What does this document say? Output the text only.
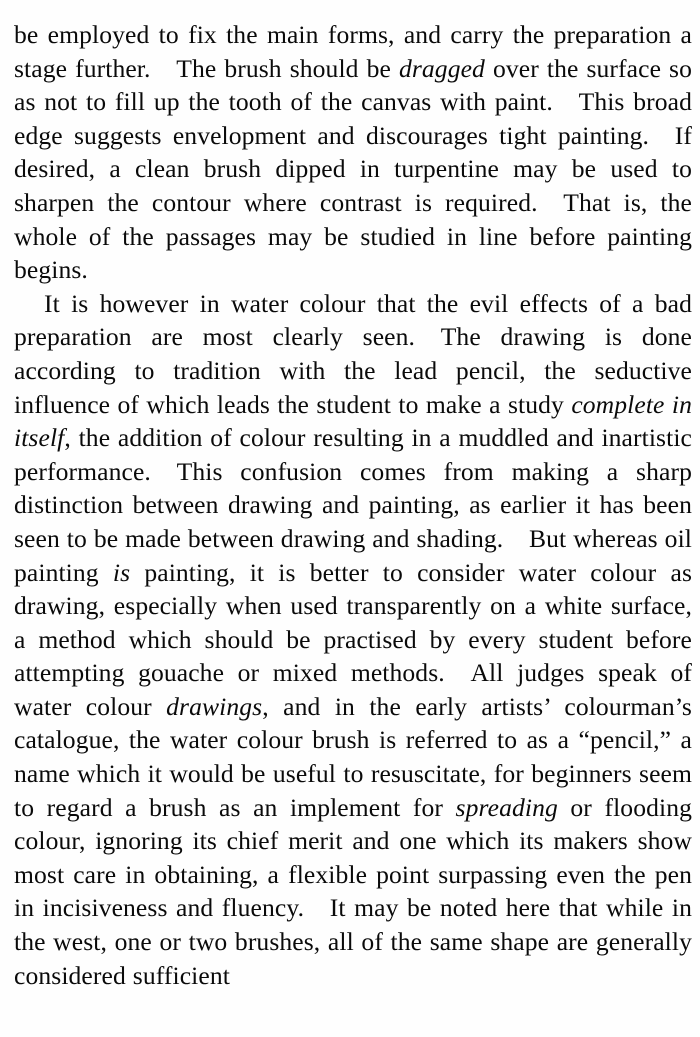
be employed to fix the main forms, and carry the preparation a stage further. The brush should be dragged over the surface so as not to fill up the tooth of the canvas with paint. This broad edge suggests envelopment and discourages tight painting. If desired, a clean brush dipped in turpentine may be used to sharpen the contour where contrast is required. That is, the whole of the passages may be studied in line before painting begins.

It is however in water colour that the evil effects of a bad preparation are most clearly seen. The drawing is done according to tradition with the lead pencil, the seductive influence of which leads the student to make a study complete in itself, the addition of colour resulting in a muddled and inartistic performance. This confusion comes from making a sharp distinction between drawing and painting, as earlier it has been seen to be made between drawing and shading. But whereas oil painting is painting, it is better to consider water colour as drawing, especially when used transparently on a white surface, a method which should be practised by every student before attempting gouache or mixed methods. All judges speak of water colour drawings, and in the early artists’ colourman’s catalogue, the water colour brush is referred to as a “pencil,” a name which it would be useful to resuscitate, for beginners seem to regard a brush as an implement for spreading or flooding colour, ignoring its chief merit and one which its makers show most care in obtaining, a flexible point surpassing even the pen in incisiveness and fluency. It may be noted here that while in the west, one or two brushes, all of the same shape are generally considered sufficient
